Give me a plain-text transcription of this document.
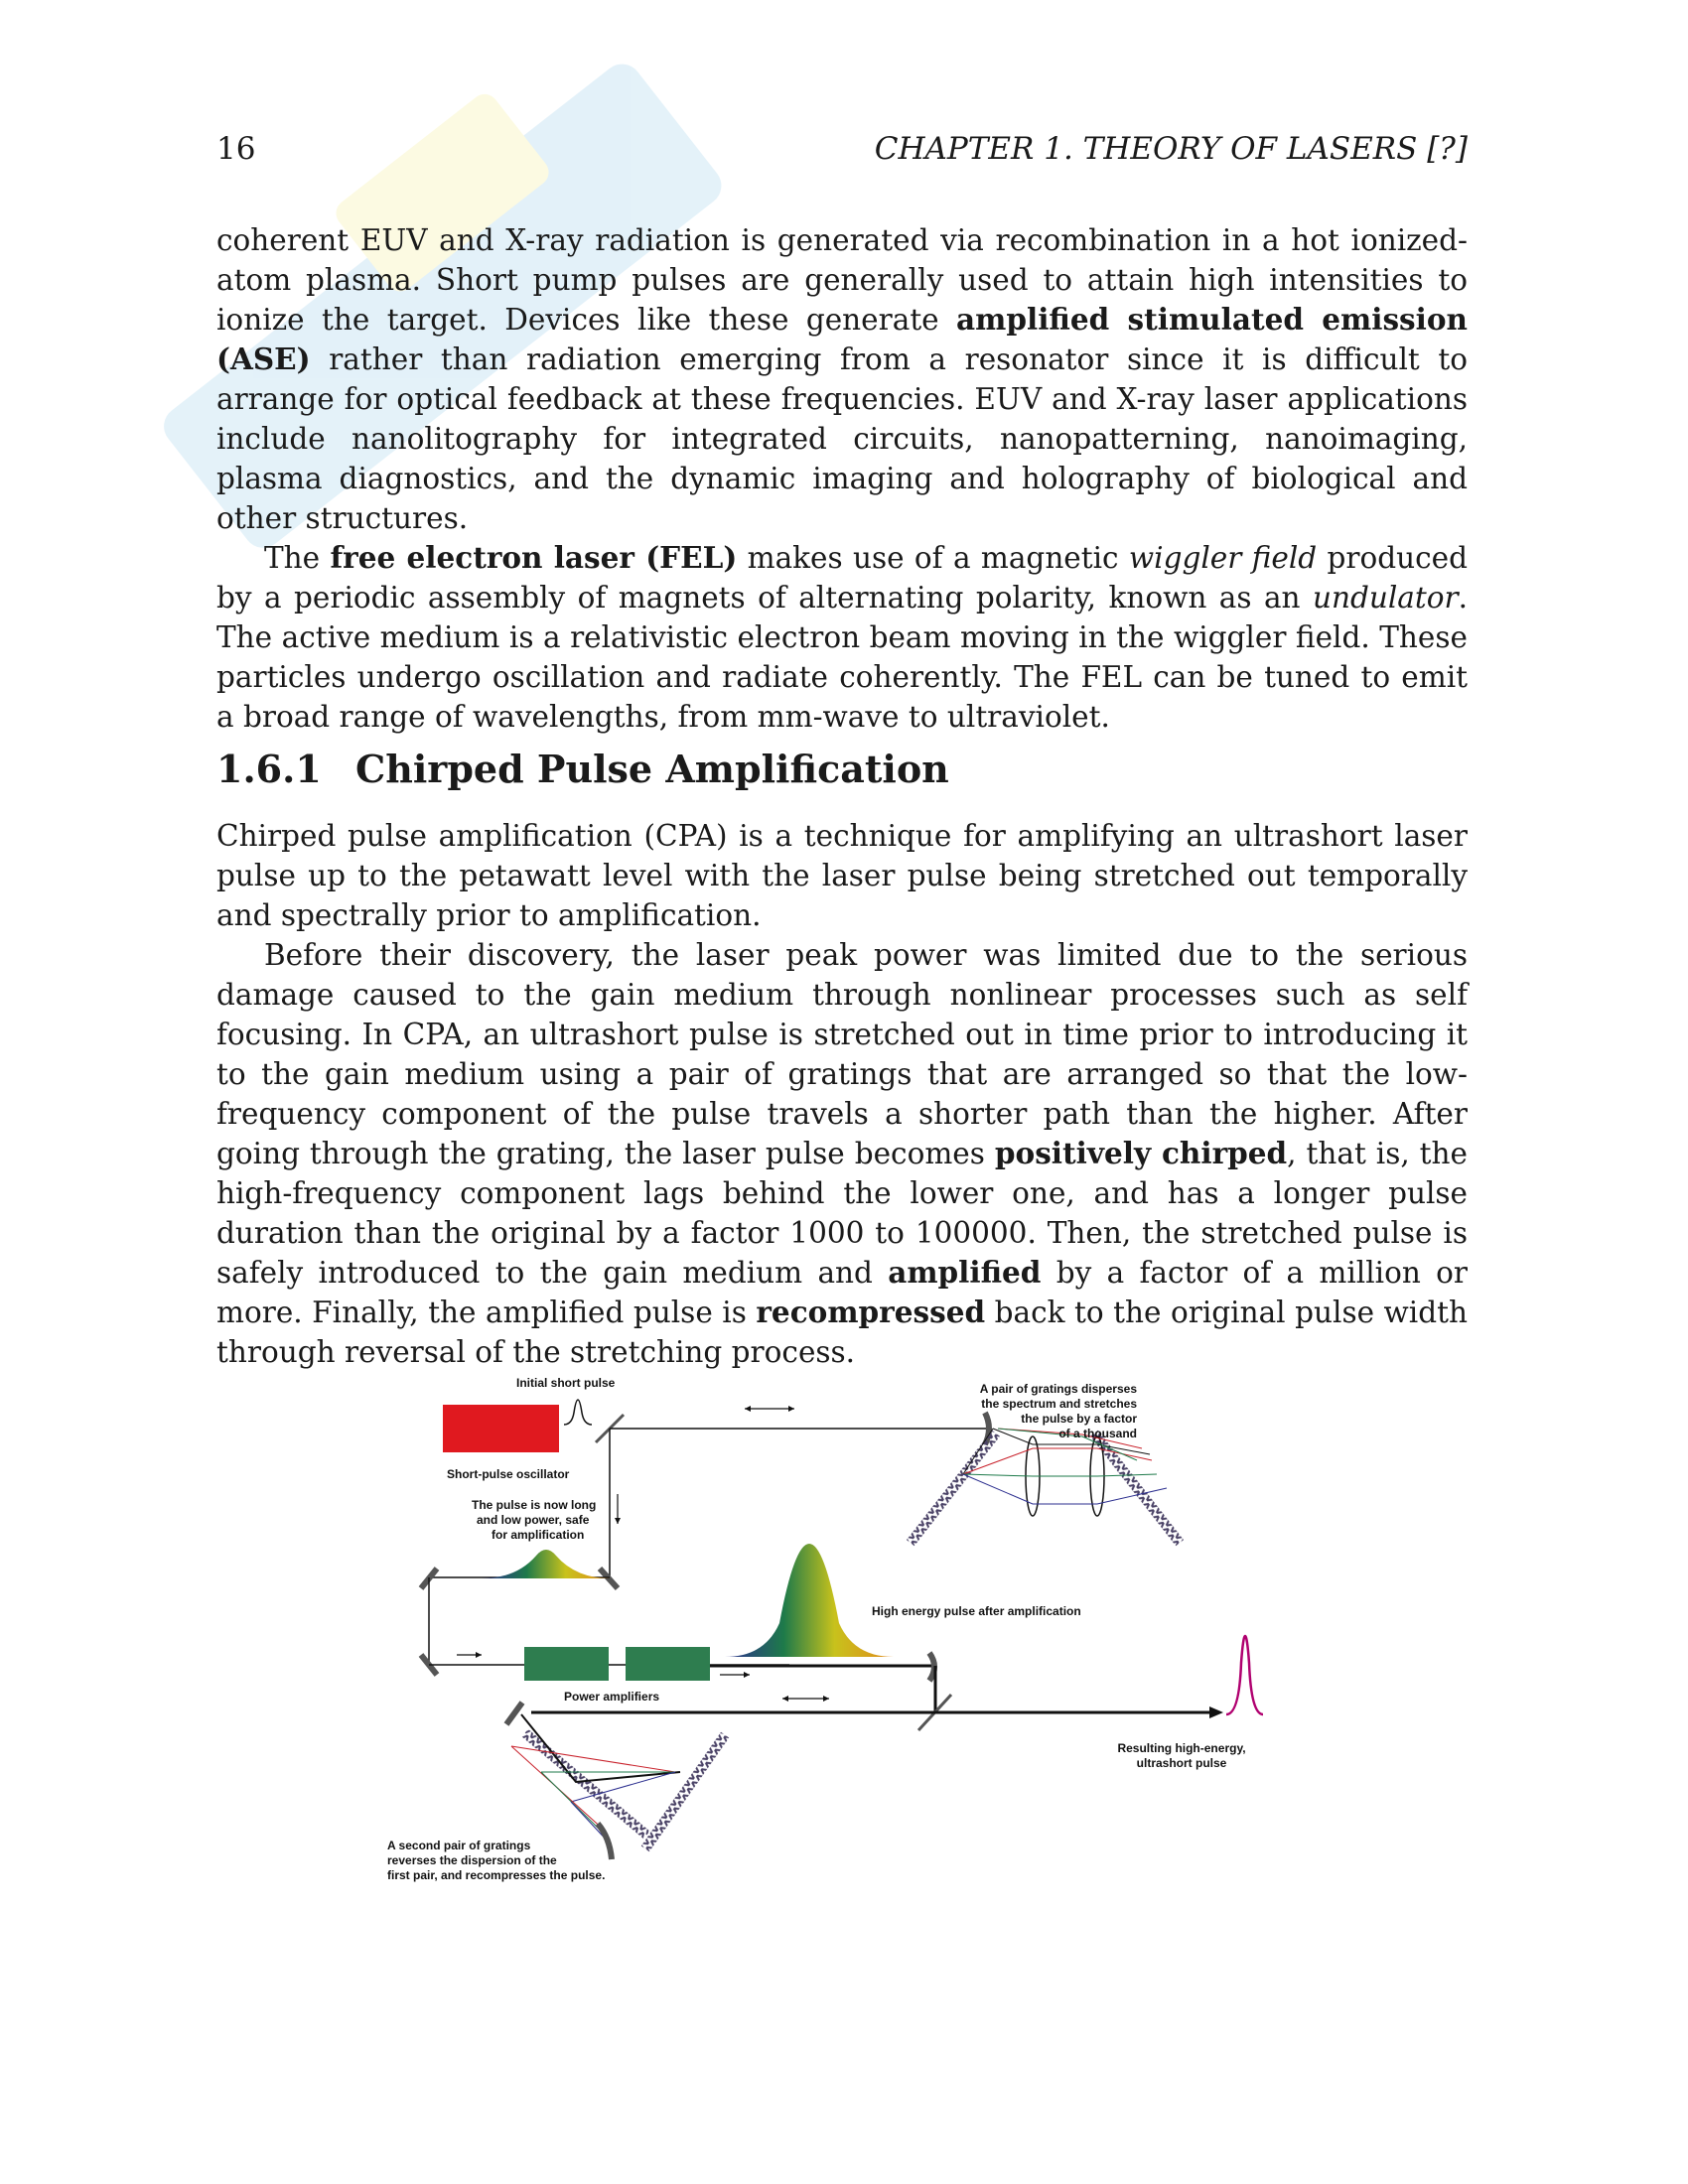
16	CHAPTER 1. THEORY OF LASERS [?]

coherent EUV and X-ray radiation is generated via recombination in a hot ionized-atom plasma. Short pump pulses are generally used to attain high intensities to ionize the target. Devices like these generate amplified stimulated emission (ASE) rather than radiation emerging from a resonator since it is difficult to arrange for optical feedback at these frequencies. EUV and X-ray laser applications include nanolitography for integrated circuits, nanopatterning, nanoimaging, plasma diagnostics, and the dynamic imaging and holography of biological and other structures.

The free electron laser (FEL) makes use of a magnetic wiggler field produced by a periodic assembly of magnets of alternating polarity, known as an undulator. The active medium is a relativistic electron beam moving in the wiggler field. These particles undergo oscillation and radiate coherently. The FEL can be tuned to emit a broad range of wavelengths, from mm-wave to ultraviolet.

1.6.1 Chirped Pulse Amplification

Chirped pulse amplification (CPA) is a technique for amplifying an ultrashort laser pulse up to the petawatt level with the laser pulse being stretched out temporally and spectrally prior to amplification.

Before their discovery, the laser peak power was limited due to the serious damage caused to the gain medium through nonlinear processes such as self focusing. In CPA, an ultrashort pulse is stretched out in time prior to introducing it to the gain medium using a pair of gratings that are arranged so that the low-frequency component of the pulse travels a shorter path than the higher. After going through the grating, the laser pulse becomes positively chirped, that is, the high-frequency component lags behind the lower one, and has a longer pulse duration than the original by a factor 1000 to 100000. Then, the stretched pulse is safely introduced to the gain medium and amplified by a factor of a million or more. Finally, the amplified pulse is recompressed back to the original pulse width through reversal of the stretching process.

Short-pulse oscillator
Initial short pulse	A pair of gratings disperses
the spectrum and stretches
the pulse by a factor
of a thousand
The pulse is now long
and low power, safe
for amplification
Power amplifiers
High energy pulse after amplification
Resulting high-energy,
ultrashort pulse
A second pair of gratings
reverses the dispersion of the
first pair, and recompresses the pulse.
